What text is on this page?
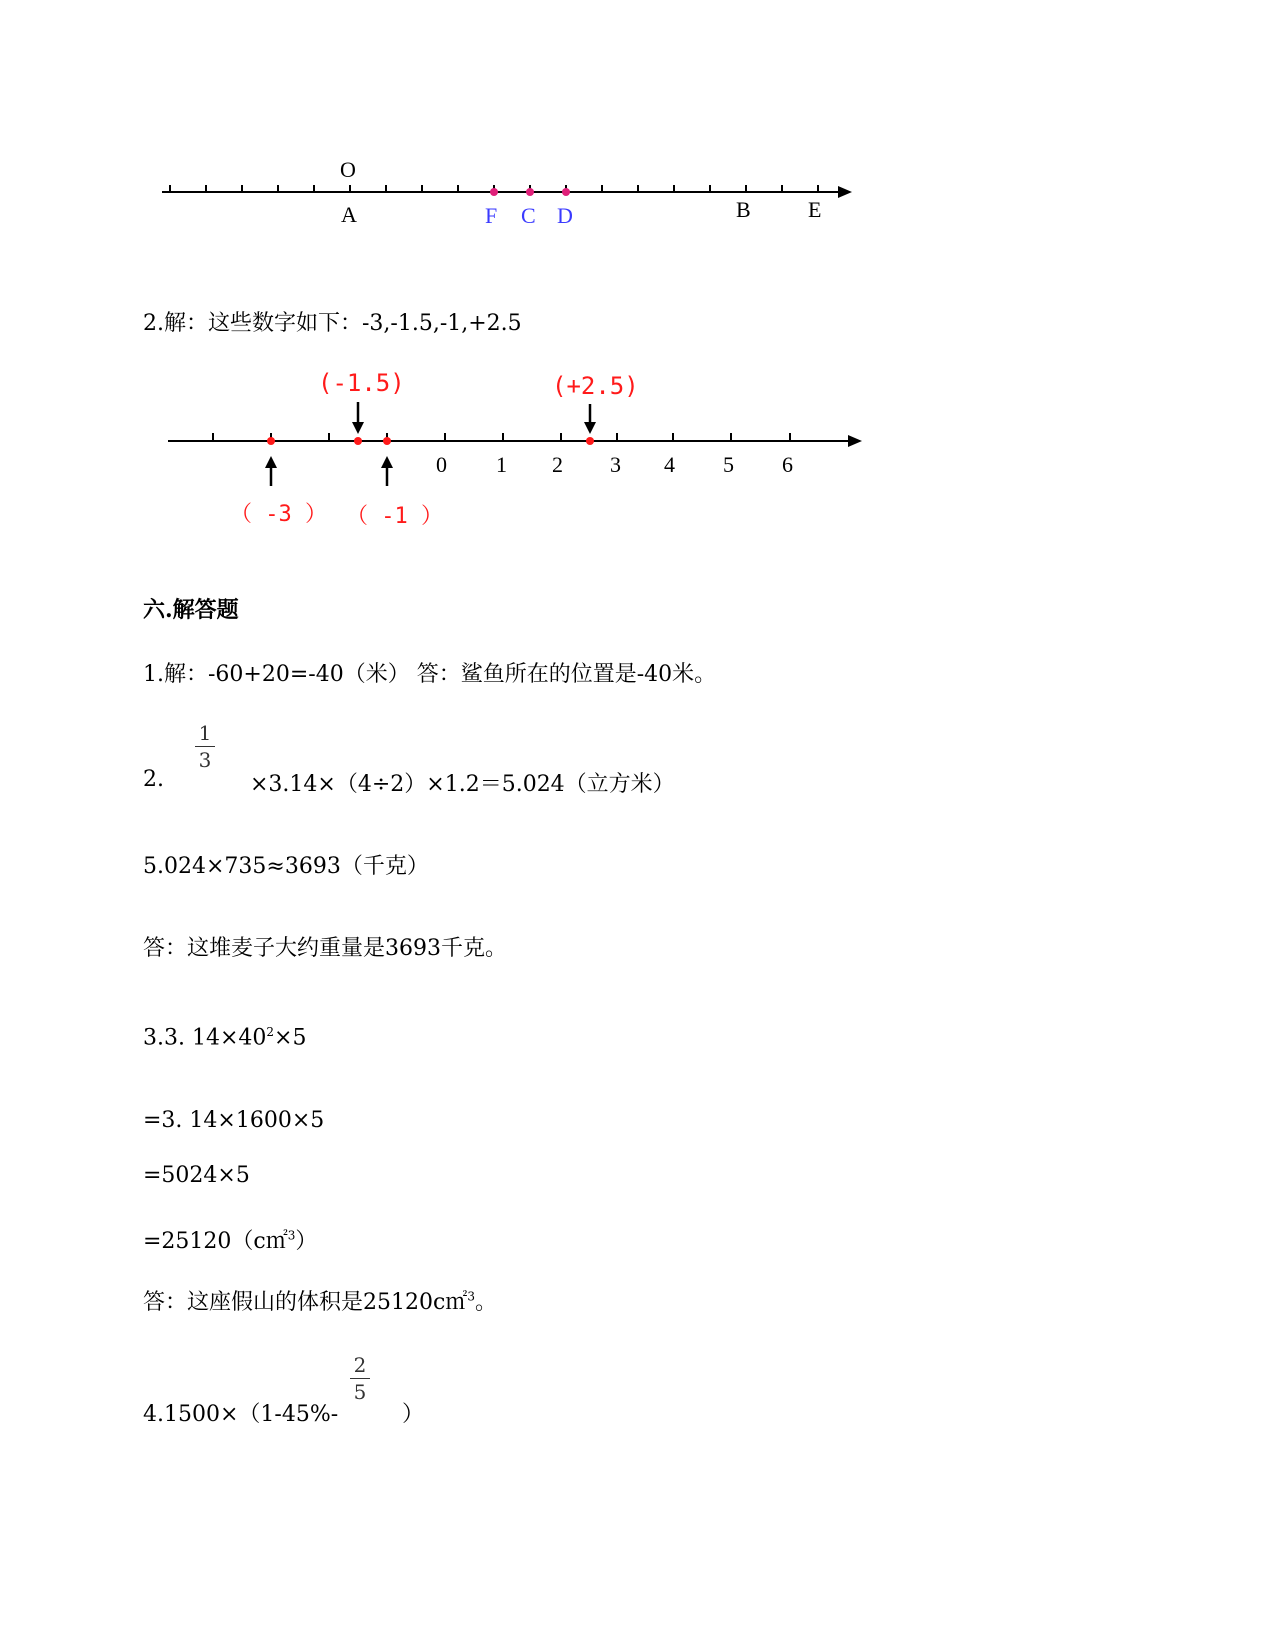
O
A	F C D	B	E
2.解：这些数字如下：-3,-1.5,-1,+2.5
0 1 2 3 4 5 6
(-1.5)	(+2.5)
（ -3 ） （ -1 ）
六.解答题
1.解：-60+20=-40（米） 答：鲨鱼所在的位置是-40米。
2.
1
3
×3.14×（4÷2）×1.2＝5.024（立方米）
5.024×735≈3693（千克）
答：这堆麦子大约重量是3693千克。
3.3. $14\times 40^2\times 5$
=3. 14×1600×5
=5024×5
=25120（c㎡$^3$）
答：这座假山的体积是25120c㎡$^3$。
4.1500×（1-45%-
2
5
）
